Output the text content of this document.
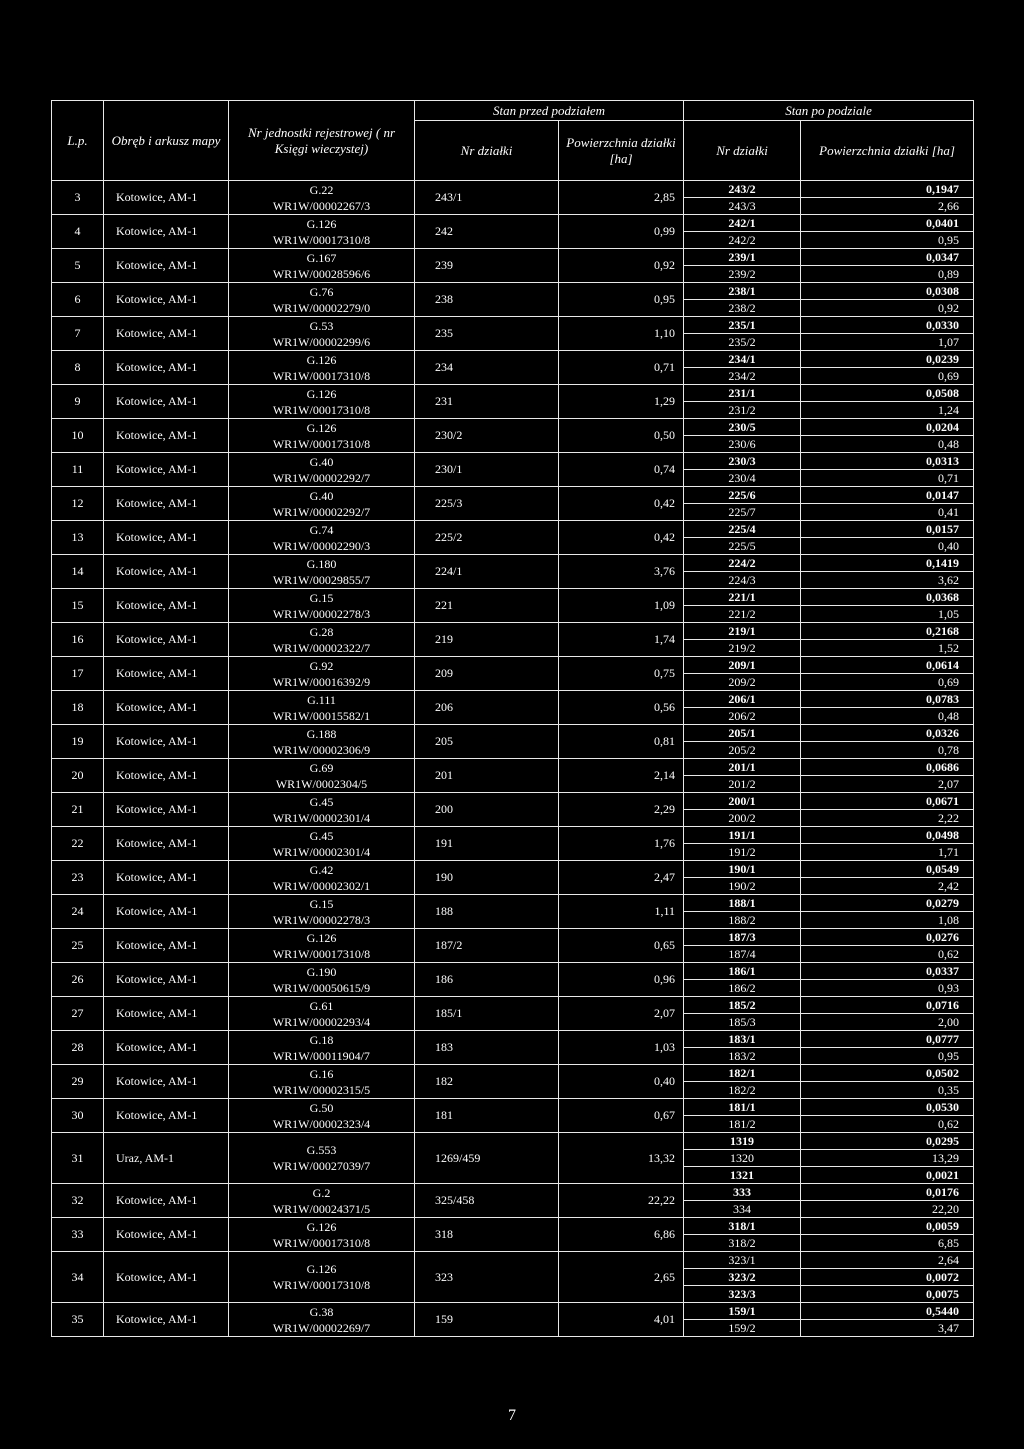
L.p.	Obręb i arkusz mapy	Nr jednostki rejestrowej ( nr Księgi wieczystej)	Stan przed podziałem		Stan po podziale	
			Nr działki	Powierzchnia działki [ha]	Nr działki	Powierzchnia działki [ha]
3	Kotowice, AM-1	G.22
WR1W/00002267/3	243/1	2,85	243/2	0,1947
					243/3	2,66
4	Kotowice, AM-1	G.126
WR1W/00017310/8	242	0,99	242/1	0,0401
					242/2	0,95
5	Kotowice, AM-1	G.167
WR1W/00028596/6	239	0,92	239/1	0,0347
					239/2	0,89
6	Kotowice, AM-1	G.76
WR1W/00002279/0	238	0,95	238/1	0,0308
					238/2	0,92
7	Kotowice, AM-1	G.53
WR1W/00002299/6	235	1,10	235/1	0,0330
					235/2	1,07
8	Kotowice, AM-1	G.126
WR1W/00017310/8	234	0,71	234/1	0,0239
					234/2	0,69
9	Kotowice, AM-1	G.126
WR1W/00017310/8	231	1,29	231/1	0,0508
					231/2	1,24
10	Kotowice, AM-1	G.126
WR1W/00017310/8	230/2	0,50	230/5	0,0204
					230/6	0,48
11	Kotowice, AM-1	G.40
WR1W/00002292/7	230/1	0,74	230/3	0,0313
					230/4	0,71
12	Kotowice, AM-1	G.40
WR1W/00002292/7	225/3	0,42	225/6	0,0147
					225/7	0,41
13	Kotowice, AM-1	G.74
WR1W/00002290/3	225/2	0,42	225/4	0,0157
					225/5	0,40
14	Kotowice, AM-1	G.180
WR1W/00029855/7	224/1	3,76	224/2	0,1419
					224/3	3,62
15	Kotowice, AM-1	G.15
WR1W/00002278/3	221	1,09	221/1	0,0368
					221/2	1,05
16	Kotowice, AM-1	G.28
WR1W/00002322/7	219	1,74	219/1	0,2168
					219/2	1,52
17	Kotowice, AM-1	G.92
WR1W/00016392/9	209	0,75	209/1	0,0614
					209/2	0,69
18	Kotowice, AM-1	G.111
WR1W/00015582/1	206	0,56	206/1	0,0783
					206/2	0,48
19	Kotowice, AM-1	G.188
WR1W/00002306/9	205	0,81	205/1	0,0326
					205/2	0,78
20	Kotowice, AM-1	G.69
WR1W/0002304/5	201	2,14	201/1	0,0686
					201/2	2,07
21	Kotowice, AM-1	G.45
WR1W/00002301/4	200	2,29	200/1	0,0671
					200/2	2,22
22	Kotowice, AM-1	G.45
WR1W/00002301/4	191	1,76	191/1	0,0498
					191/2	1,71
23	Kotowice, AM-1	G.42
WR1W/00002302/1	190	2,47	190/1	0,0549
					190/2	2,42
24	Kotowice, AM-1	G.15
WR1W/00002278/3	188	1,11	188/1	0,0279
					188/2	1,08
25	Kotowice, AM-1	G.126
WR1W/00017310/8	187/2	0,65	187/3	0,0276
					187/4	0,62
26	Kotowice, AM-1	G.190
WR1W/00050615/9	186	0,96	186/1	0,0337
					186/2	0,93
27	Kotowice, AM-1	G.61
WR1W/00002293/4	185/1	2,07	185/2	0,0716
					185/3	2,00
28	Kotowice, AM-1	G.18
WR1W/00011904/7	183	1,03	183/1	0,0777
					183/2	0,95
29	Kotowice, AM-1	G.16
WR1W/00002315/5	182	0,40	182/1	0,0502
					182/2	0,35
30	Kotowice, AM-1	G.50
WR1W/00002323/4	181	0,67	181/1	0,0530
					181/2	0,62
31	Uraz, AM-1	G.553
WR1W/00027039/7	1269/459	13,32	1319	0,0295
					1320	13,29
					1321	0,0021
32	Kotowice, AM-1	G.2
WR1W/00024371/5	325/458	22,22	333	0,0176
					334	22,20
33	Kotowice, AM-1	G.126
WR1W/00017310/8	318	6,86	318/1	0,0059
					318/2	6,85
34	Kotowice, AM-1	G.126
WR1W/00017310/8	323	2,65	323/1	2,64
					323/2	0,0072
					323/3	0,0075
35	Kotowice, AM-1	G.38
WR1W/00002269/7	159	4,01	159/1	0,5440
					159/2	3,47
7
